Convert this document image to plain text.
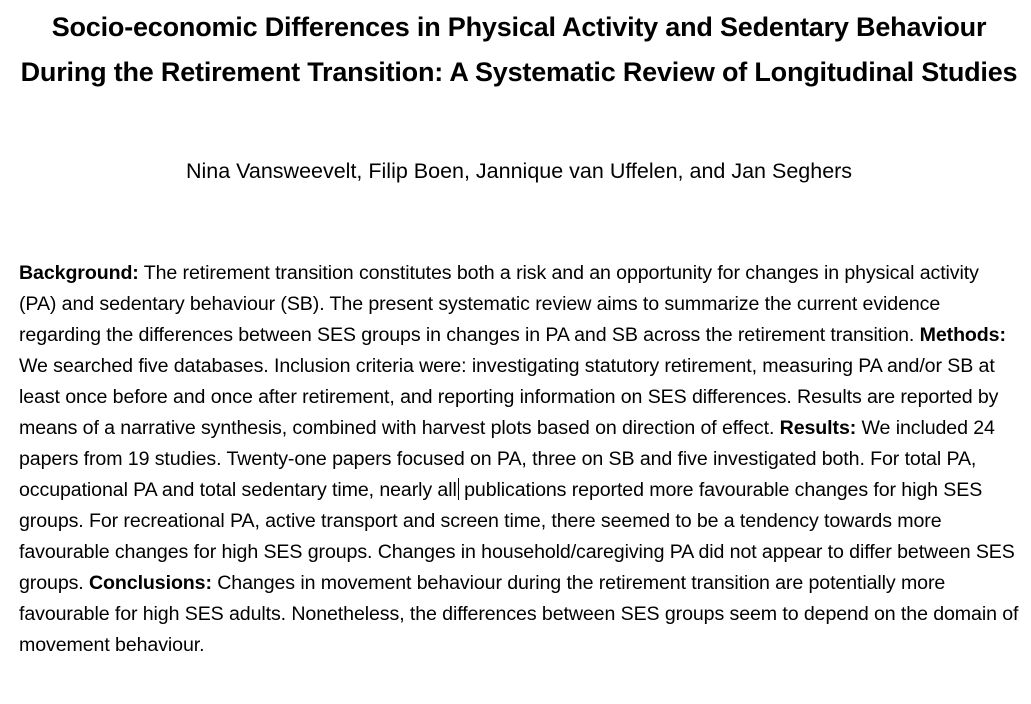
Socio-economic Differences in Physical Activity and Sedentary Behaviour During the Retirement Transition: A Systematic Review of Longitudinal Studies
Nina Vansweevelt, Filip Boen, Jannique van Uffelen, and Jan Seghers
Background: The retirement transition constitutes both a risk and an opportunity for changes in physical activity (PA) and sedentary behaviour (SB). The present systematic review aims to summarize the current evidence regarding the differences between SES groups in changes in PA and SB across the retirement transition. Methods: We searched five databases. Inclusion criteria were: investigating statutory retirement, measuring PA and/or SB at least once before and once after retirement, and reporting information on SES differences. Results are reported by means of a narrative synthesis, combined with harvest plots based on direction of effect. Results: We included 24 papers from 19 studies. Twenty-one papers focused on PA, three on SB and five investigated both. For total PA, occupational PA and total sedentary time, nearly all publications reported more favourable changes for high SES groups. For recreational PA, active transport and screen time, there seemed to be a tendency towards more favourable changes for high SES groups. Changes in household/caregiving PA did not appear to differ between SES groups. Conclusions: Changes in movement behaviour during the retirement transition are potentially more favourable for high SES adults. Nonetheless, the differences between SES groups seem to depend on the domain of movement behaviour.
